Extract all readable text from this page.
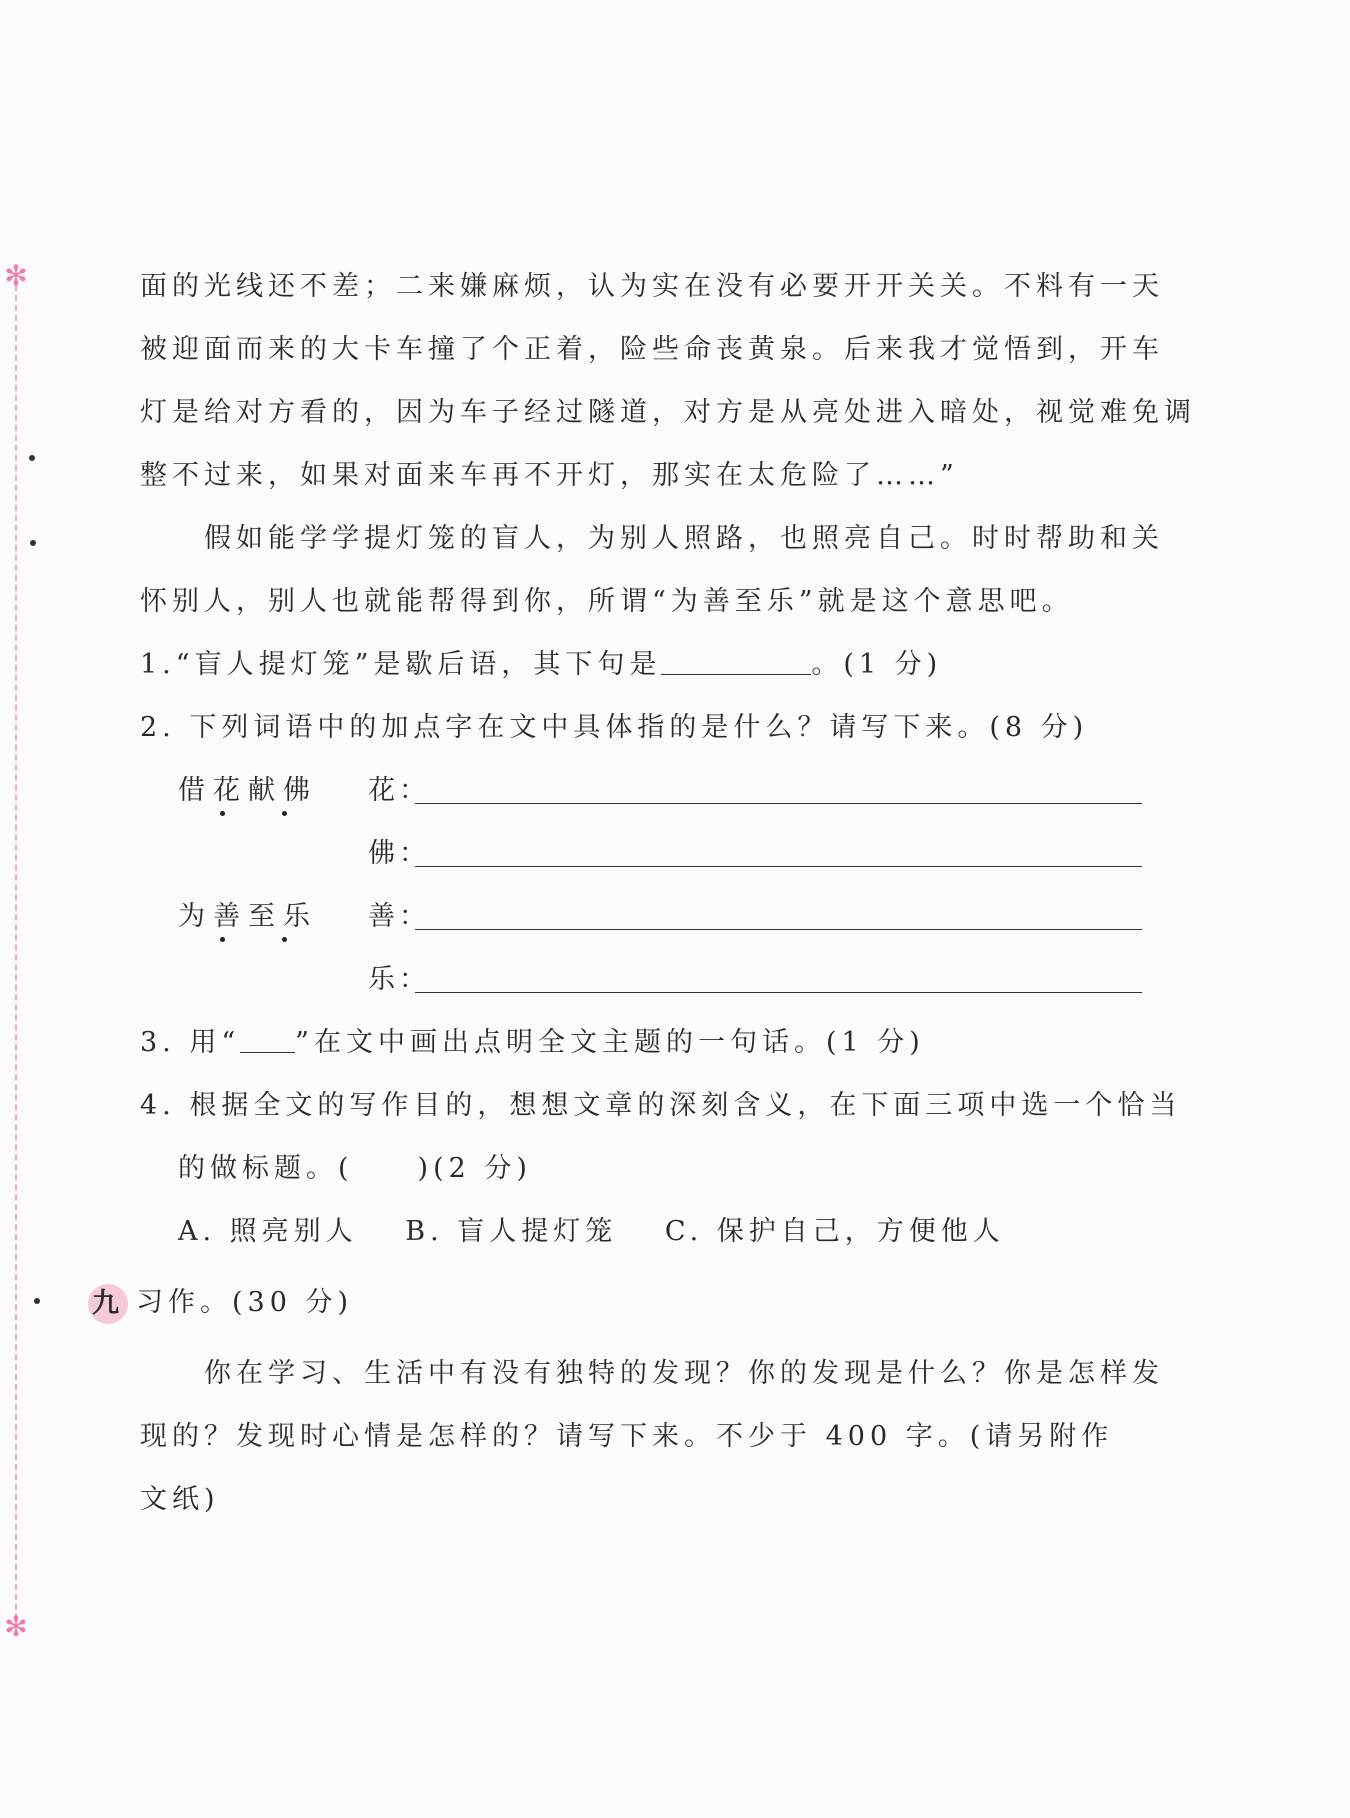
✻
✻
面的光线还不差；二来嫌麻烦，认为实在没有必要开开关关。不料有一天
被迎面而来的大卡车撞了个正着，险些命丧黄泉。后来我才觉悟到，开车
灯是给对方看的，因为车子经过隧道，对方是从亮处进入暗处，视觉难免调
整不过来，如果对面来车再不开灯，那实在太危险了……”
假如能学学提灯笼的盲人，为别人照路，也照亮自己。时时帮助和关
怀别人，别人也就能帮得到你，所谓“为善至乐”就是这个意思吧。
1.“盲人提灯笼”是歇后语，其下句是	。(1 分)
2. 下列词语中的加点字在文中具体指的是什么？请写下来。(8 分)
借花献佛 花：
佛：
为善至乐 善：
乐：
3. 用“ ”在文中画出点明全文主题的一句话。(1 分)
4. 根据全文的写作目的，想想文章的深刻含义，在下面三项中选一个恰当
的做标题。(　　)(2 分)
A. 照亮别人 B. 盲人提灯笼 C. 保护自己，方便他人
九 习作。(30 分)
你在学习、生活中有没有独特的发现？你的发现是什么？你是怎样发
现的？发现时心情是怎样的？请写下来。不少于 400 字。(请另附作
文纸)
